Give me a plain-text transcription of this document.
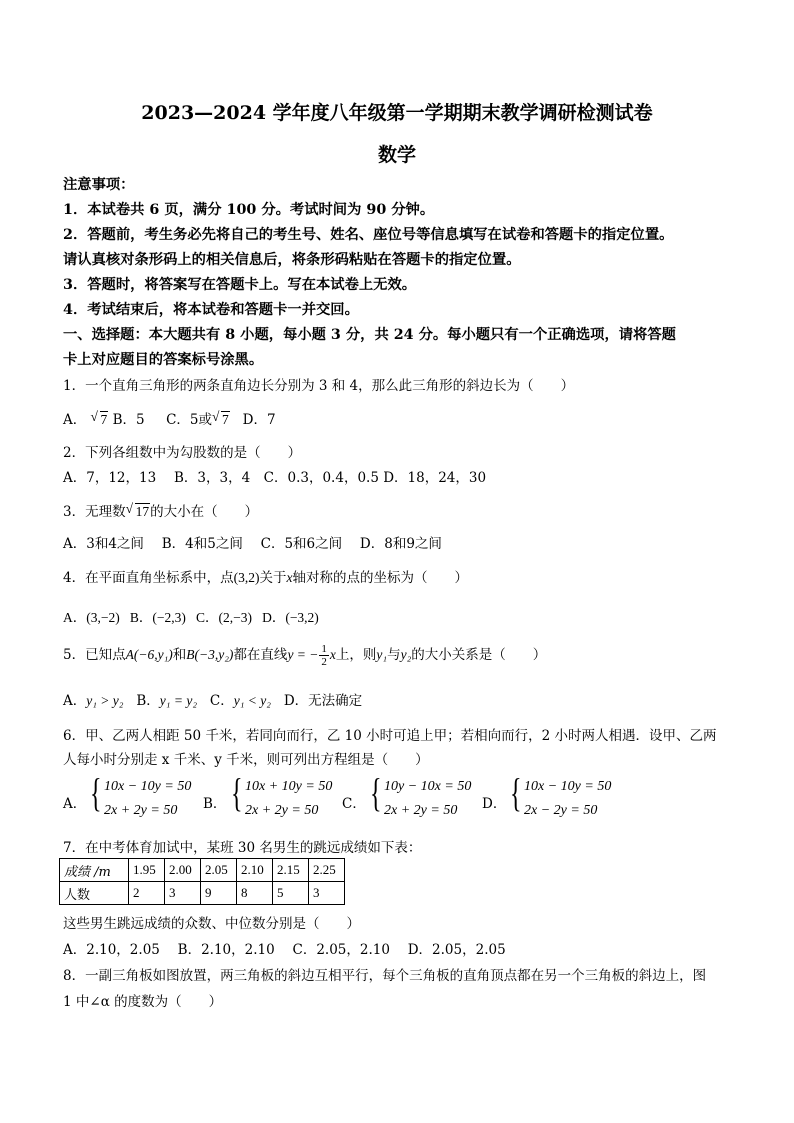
2023—2024 学年度八年级第一学期期末教学调研检测试卷
数学
注意事项：
1．本试卷共 6 页，满分 100 分。考试时间为 90 分钟。
2．答题前，考生务必先将自己的考生号、姓名、座位号等信息填写在试卷和答题卡的指定位置。
请认真核对条形码上的相关信息后，将条形码粘贴在答题卡的指定位置。
3．答题时，将答案写在答题卡上。写在本试卷上无效。
4．考试结束后，将本试卷和答题卡一并交回。
一、选择题：本大题共有 8 小题，每小题 3 分，共 24 分。每小题只有一个正确选项，请将答题
卡上对应题目的答案标号涂黑。
1．一个直角三角形的两条直角边长分别为 3 和 4，那么此三角形的斜边长为（　　）
A． √ 7 B．5 C．5或 √ 7 D．7
2．下列各组数中为勾股数的是（　　）
A．7，12，13　 B．3，3，4　C．0.3，0.4，0.5 D．18，24，30
3．无理数 √ 17的大小在（　　）
A．3和4之间　 B．4和5之间　 C．5和6之间　 D．8和9之间
4．在平面直角坐标系中，点(3,2)关于x轴对称的点的坐标为（　　）
A．(3,−2) B．(−2,3) C．(2,−3) D．(−3,2)
5．已知点A(−6,y₁)和B(−3,y₂)都在直线y = − $\frac{1}{2}$ x上，则y₁与y₂的大小关系是（　　）
A．y₁ > y₂ B．y₁ = y₂ C．y₁ < y₂ D．无法确定
6．甲、乙两人相距 50 千米，若同向而行，乙 10 小时可追上甲；若相向而行，2 小时两人相遇．设甲、乙两
人每小时分别走 x 千米、y 千米，则可列出方程组是（　　）
A． { 10x − 10y = 50
2x + 2y = 50 B． { 10x + 10y = 50
2x + 2y = 50 C． { 10y − 10x = 50
2x + 2y = 50 D． { 10x − 10y = 50
2x − 2y = 50
7．在中考体育加试中，某班 30 名男生的跳远成绩如下表：
成绩 /m	1.95	2.00	2.05	2.10	2.15	2.25
人数	2	3	9	8	5	3
这些男生跳远成绩的众数、中位数分别是（　　）
A．2.10，2.05　 B．2.10，2.10　 C．2.05，2.10　 D．2.05，2.05
8．一副三角板如图放置，两三角板的斜边互相平行，每个三角板的直角顶点都在另一个三角板的斜边上，图
1 中∠α 的度数为（　　）
